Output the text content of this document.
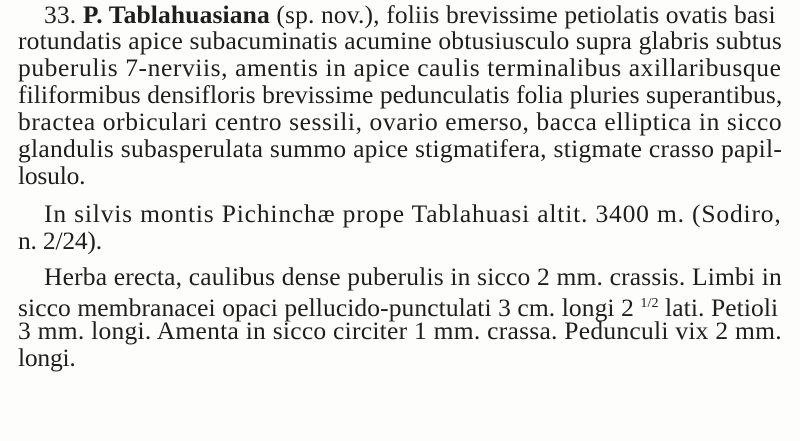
33. P. Tablahuasiana (sp. nov.), foliis brevissime petiolatis ovatis basi
rotundatis apice subacuminatis acumine obtusiusculo supra glabris subtus
puberulis 7-nerviis, amentis in apice caulis terminalibus axillaribusque
filiformibus densifloris brevissime pedunculatis folia pluries superantibus,
bractea orbiculari centro sessili, ovario emerso, bacca elliptica in sicco
glandulis subasperulata summo apice stigmatifera, stigmate crasso papil-
losulo.
In silvis montis Pichinchæ prope Tablahuasi altit. 3400 m. (Sodiro,
n. 2/24).
Herba erecta, caulibus dense puberulis in sicco 2 mm. crassis. Limbi in
sicco membranacei opaci pellucido-punctulati 3 cm. longi 2 $^{1/2}$ lati. Petioli
3 mm. longi. Amenta in sicco circiter 1 mm. crassa. Pedunculi vix 2 mm.
longi.
